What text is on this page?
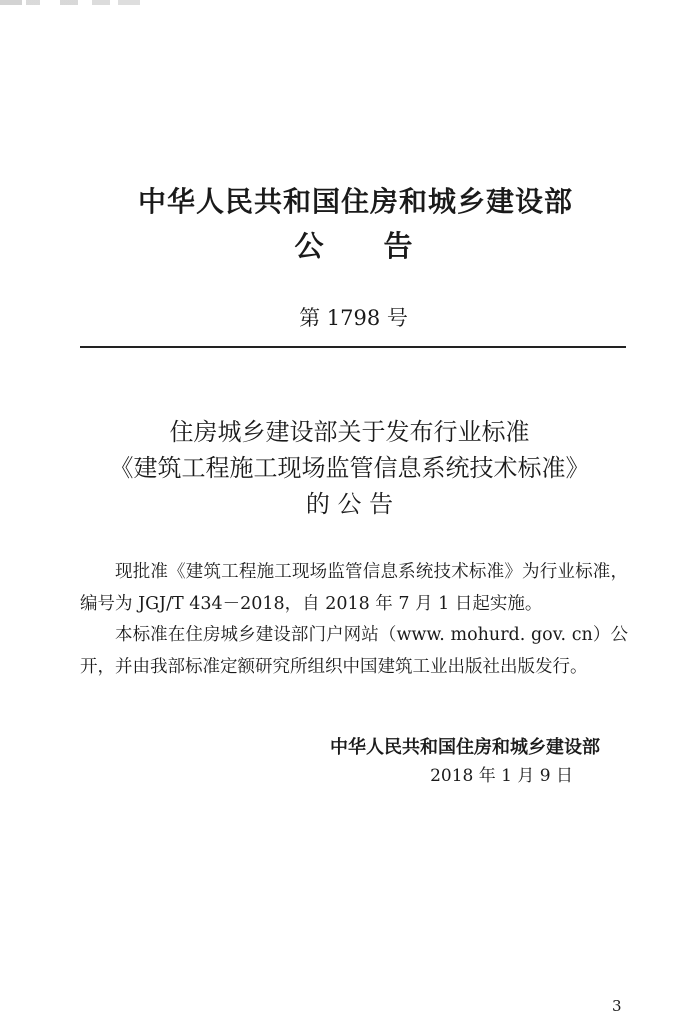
中华人民共和国住房和城乡建设部
公 告
第 1798 号
住房城乡建设部关于发布行业标准
《建筑工程施工现场监管信息系统技术标准》
的 公 告

现批准《建筑工程施工现场监管信息系统技术标准》为行业标准，编号为 JGJ/T 434－2018，自 2018 年 7 月 1 日起实施。

本标准在住房城乡建设部门户网站（www. mohurd. gov. cn）公开，并由我部标准定额研究所组织中国建筑工业出版社出版发行。

中华人民共和国住房和城乡建设部
2018 年 1 月 9 日
3
